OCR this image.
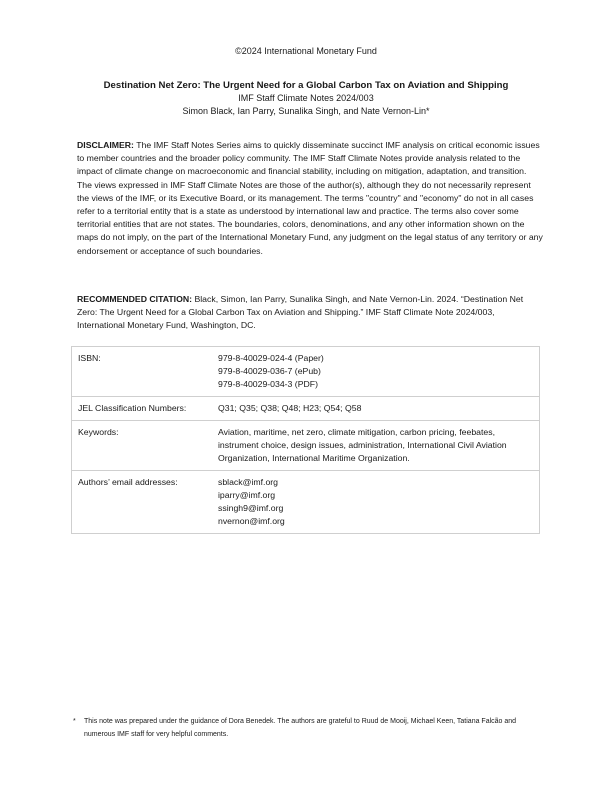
©2024 International Monetary Fund
Destination Net Zero: The Urgent Need for a Global Carbon Tax on Aviation and Shipping
IMF Staff Climate Notes 2024/003
Simon Black, Ian Parry, Sunalika Singh, and Nate Vernon-Lin*
DISCLAIMER: The IMF Staff Notes Series aims to quickly disseminate succinct IMF analysis on critical economic issues to member countries and the broader policy community. The IMF Staff Climate Notes provide analysis related to the impact of climate change on macroeconomic and financial stability, including on mitigation, adaptation, and transition. The views expressed in IMF Staff Climate Notes are those of the author(s), although they do not necessarily represent the views of the IMF, or its Executive Board, or its management. The terms "country" and "economy" do not in all cases refer to a territorial entity that is a state as understood by international law and practice. The terms also cover some territorial entities that are not states. The boundaries, colors, denominations, and any other information shown on the maps do not imply, on the part of the International Monetary Fund, any judgment on the legal status of any territory or any endorsement or acceptance of such boundaries.
RECOMMENDED CITATION: Black, Simon, Ian Parry, Sunalika Singh, and Nate Vernon-Lin. 2024. “Destination Net Zero: The Urgent Need for a Global Carbon Tax on Aviation and Shipping.” IMF Staff Climate Note 2024/003, International Monetary Fund, Washington, DC.
ISBN:	979-8-40029-024-4 (Paper)
979-8-40029-036-7 (ePub)
979-8-40029-034-3 (PDF)

JEL Classification Numbers:	Q31; Q35; Q38; Q48; H23; Q54; Q58
Keywords:	Aviation, maritime, net zero, climate mitigation, carbon pricing, feebates, instrument choice, design issues, administration, International Civil Aviation Organization, International Maritime Organization.
Authors’ email addresses:	sblack@imf.org
iparry@imf.org
ssingh9@imf.org
nvernon@imf.org
* This note was prepared under the guidance of Dora Benedek. The authors are grateful to Ruud de Mooij, Michael Keen, Tatiana Falcão and numerous IMF staff for very helpful comments.
